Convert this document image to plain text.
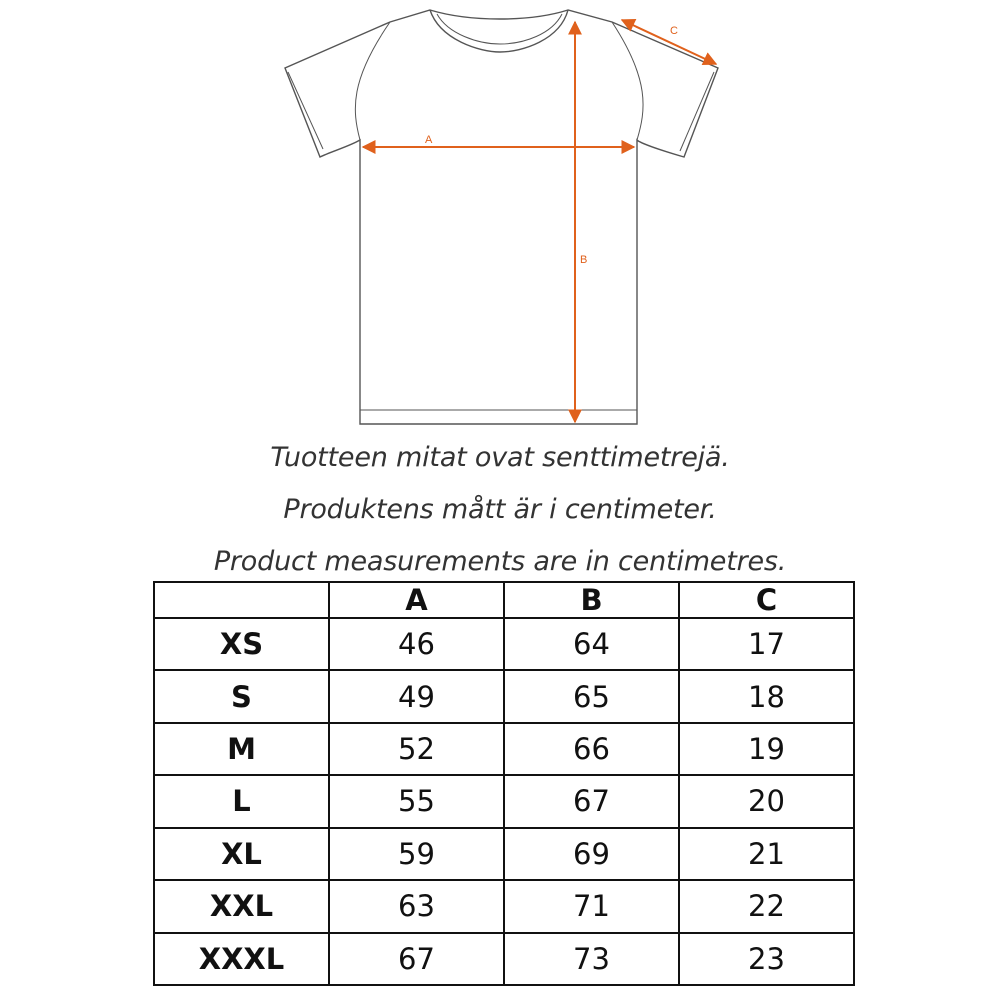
A
B
C
Tuotteen mitat ovat senttimetrejä.
Produktens mått är i centimeter.
Product measurements are in centimetres.
	A	B	C
XS	46	64	17
S	49	65	18
M	52	66	19
L	55	67	20
XL	59	69	21
XXL	63	71	22
XXXL	67	73	23
